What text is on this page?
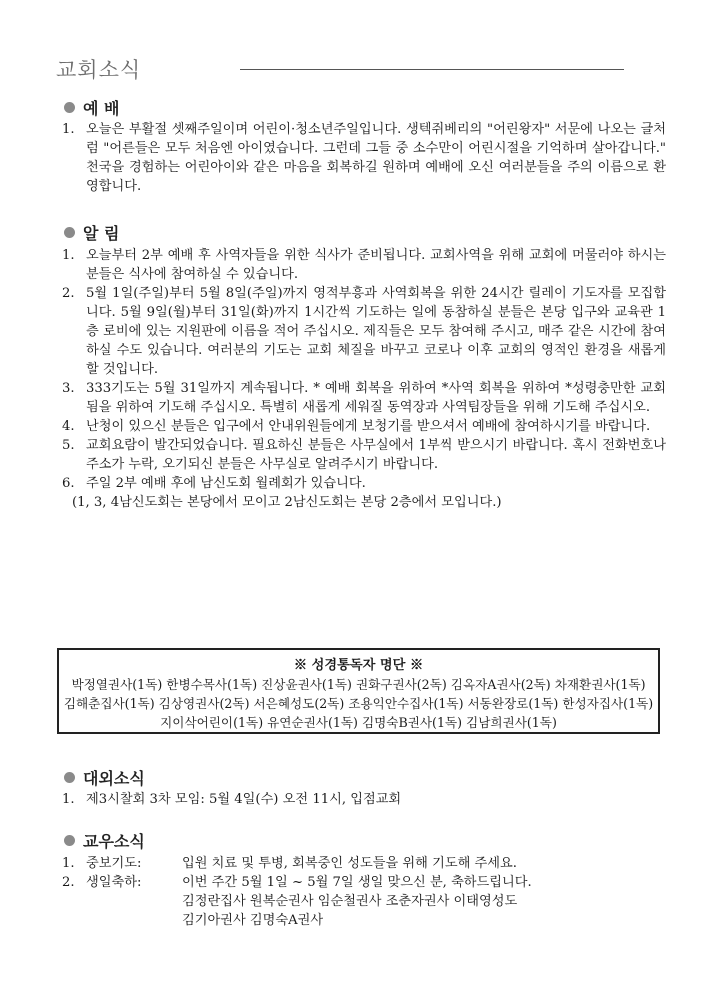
교회소식
예 배
1. 오늘은 부활절 셋째주일이며 어린이·청소년주일입니다. 생텍쥐베리의 "어린왕자" 서문에 나오는 글처럼 "어른들은 모두 처음엔 아이였습니다. 그런데 그들 중 소수만이 어린시절을 기억하며 살아갑니다." 천국을 경험하는 어린아이와 같은 마음을 회복하길 원하며 예배에 오신 여러분들을 주의 이름으로 환영합니다.
알 림
1. 오늘부터 2부 예배 후 사역자들을 위한 식사가 준비됩니다. 교회사역을 위해 교회에 머물러야 하시는 분들은 식사에 참여하실 수 있습니다.
2. 5월 1일(주일)부터 5월 8일(주일)까지 영적부흥과 사역회복을 위한 24시간 릴레이 기도자를 모집합니다. 5월 9일(월)부터 31일(화)까지 1시간씩 기도하는 일에 동참하실 분들은 본당 입구와 교육관 1층 로비에 있는 지원판에 이름을 적어 주십시오. 제직들은 모두 참여해 주시고, 매주 같은 시간에 참여하실 수도 있습니다. 여러분의 기도는 교회 체질을 바꾸고 코로나 이후 교회의 영적인 환경을 새롭게 할 것입니다.
3. 333기도는 5월 31일까지 계속됩니다. * 예배 회복을 위하여 *사역 회복을 위하여 *성령충만한 교회됨을 위하여 기도해 주십시오. 특별히 새롭게 세워질 동역장과 사역팀장들을 위해 기도해 주십시오.
4. 난청이 있으신 분들은 입구에서 안내위원들에게 보청기를 받으셔서 예배에 참여하시기를 바랍니다.
5. 교회요람이 발간되었습니다. 필요하신 분들은 사무실에서 1부씩 받으시기 바랍니다. 혹시 전화번호나 주소가 누락, 오기되신 분들은 사무실로 알려주시기 바랍니다.
6. 주일 2부 예배 후에 남신도회 월례회가 있습니다.
(1, 3, 4남신도회는 본당에서 모이고 2남신도회는 본당 2층에서 모입니다.)
※ 성경통독자 명단 ※
박정열권사(1독) 한병수목사(1독) 진상윤권사(1독) 권화구권사(2독) 김옥자A권사(2독) 차재환권사(1독)
김해춘집사(1독) 김상영권사(2독) 서은혜성도(2독) 조용익안수집사(1독) 서동완장로(1독) 한성자집사(1독)
지이삭어린이(1독) 유연순권사(1독) 김명숙B권사(1독) 김남희권사(1독)
대외소식
1. 제3시찰회 3차 모임: 5월 4일(수) 오전 11시, 입점교회
교우소식
1. 중보기도:	입원 치료 및 투병, 회복중인 성도들을 위해 기도해 주세요.
2. 생일축하:	이번 주간 5월 1일 ~ 5월 7일 생일 맞으신 분, 축하드립니다.
김정란집사 원복순권사 임순철권사 조춘자권사 이태영성도
김기아권사 김명숙A권사
